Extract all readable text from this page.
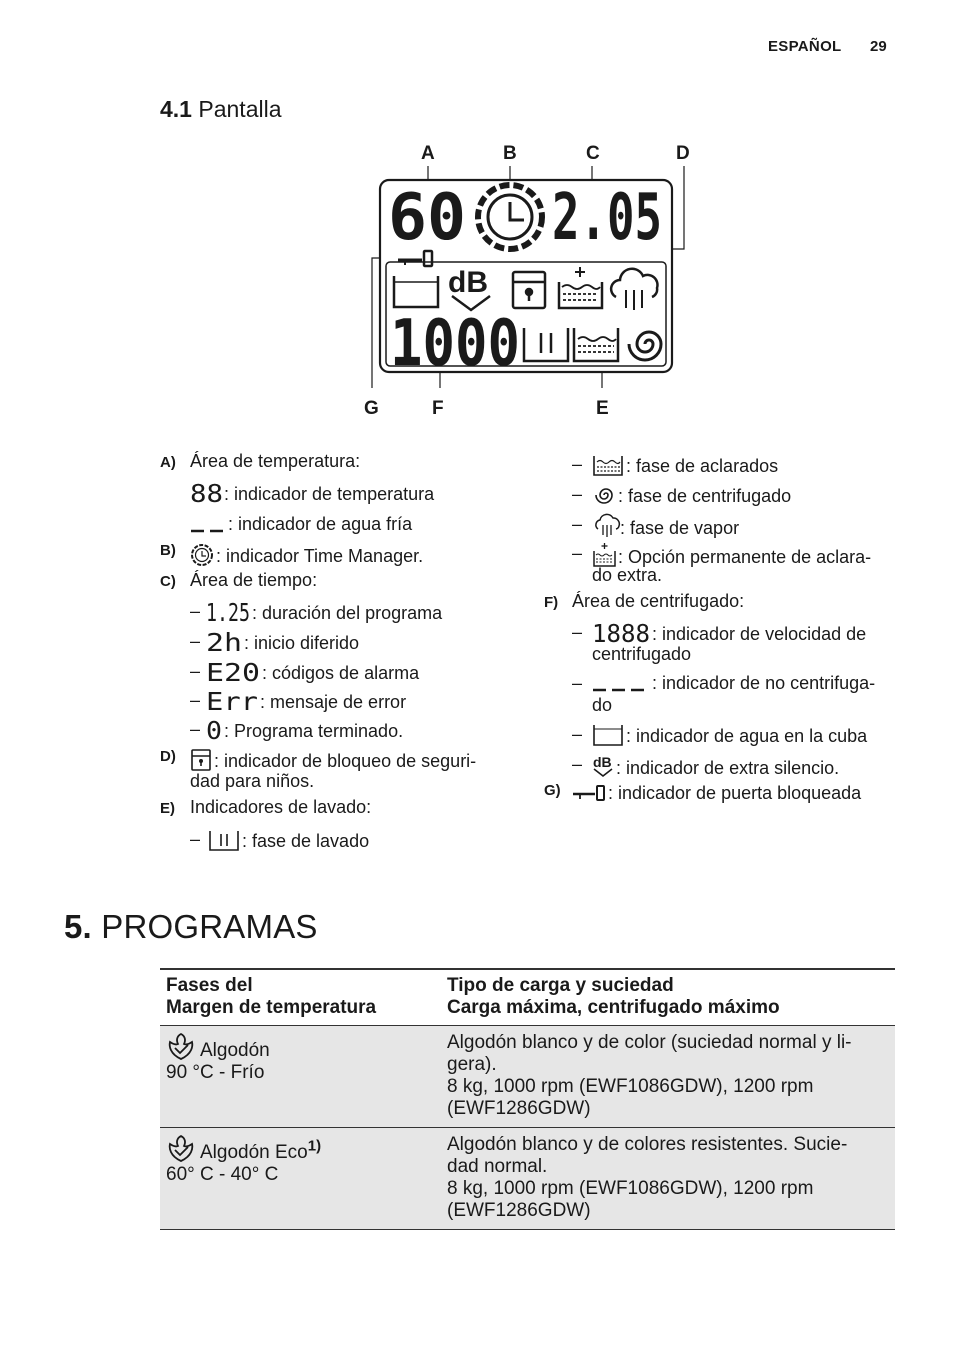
ESPAÑOL 29
4.1 Pantalla
A	B	C	D
G	F	E
60 2.05
1000
dB
A) Área de temperatura:
88 : indicador de temperatura
: indicador de agua fría
B)	: indicador Time Manager.
C) Área de tiempo:
– 1.25 : duración del programa
– 2h : inicio diferido
– E20 : códigos de alarma
– Err : mensaje de error
– 0 : Programa terminado.
D)	: indicador de bloqueo de seguri-
dad para niños.
E) Indicadores de lavado:
–	: fase de lavado
–	: fase de aclarados
–	: fase de centrifugado
–	: fase de vapor
–	: Opción permanente de aclara-
do extra.
F) Área de centrifugado:
– 1888 : indicador de velocidad de
centrifugado
–	: indicador de no centrifuga-
do
–	: indicador de agua en la cuba
– dB : indicador de extra silencio.
G)	: indicador de puerta bloqueada
5. PROGRAMAS
Fases del
Margen de temperatura	Tipo de carga y suciedad
Carga máxima, centrifugado máximo

Algodón
90 °C - Frío	Algodón blanco y de color (suciedad normal y li-
gera).
8 kg, 1000 rpm (EWF1086GDW), 1200 rpm
(EWF1286GDW)

Algodón Eco$^{1)}$
60° C - 40° C	Algodón blanco y de colores resistentes. Sucie-
dad normal.
8 kg, 1000 rpm (EWF1086GDW), 1200 rpm
(EWF1286GDW)
